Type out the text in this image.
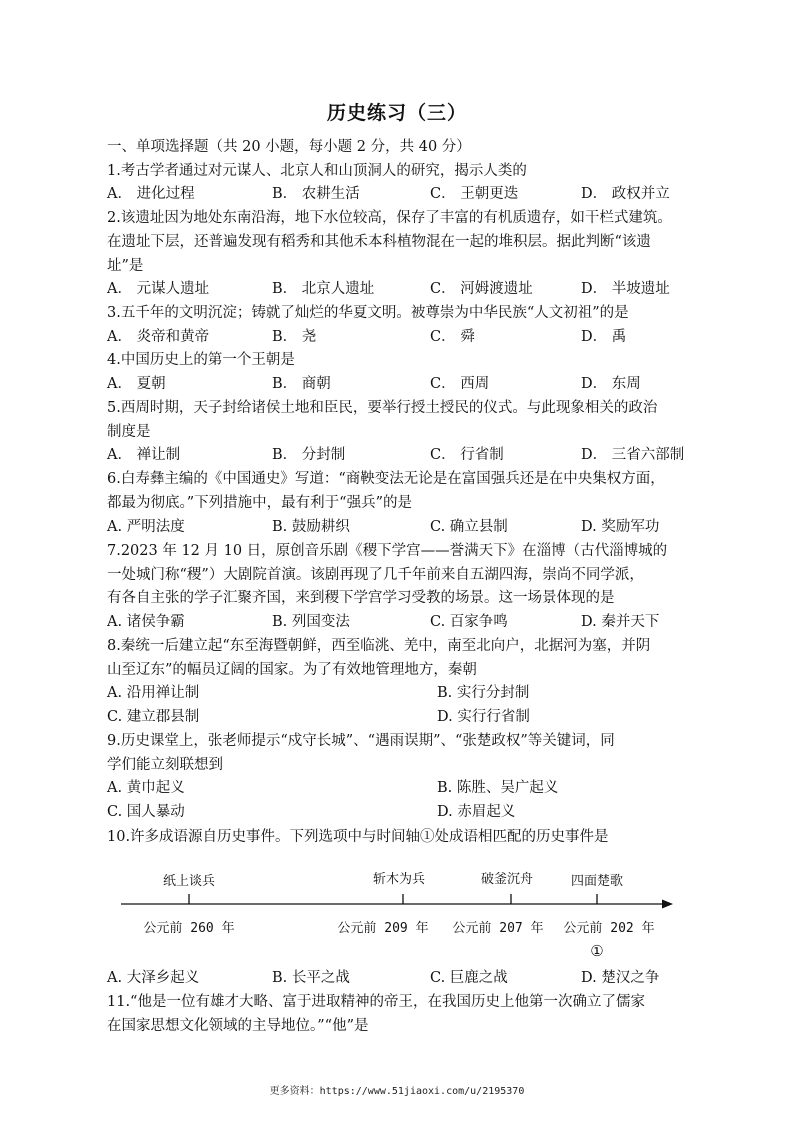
历史练习（三）
一、单项选择题（共 20 小题，每小题 2 分，共 40 分）
1.考古学者通过对元谋人、北京人和山顶洞人的研究，揭示人类的
A． 进化过程	B． 农耕生活	C． 王朝更迭	D． 政权并立
2.该遗址因为地处东南沿海，地下水位较高，保存了丰富的有机质遗存，如干栏式建筑。
在遗址下层，还普遍发现有稻秀和其他禾本科植物混在一起的堆积层。据此判断“该遗
址”是
A． 元谋人遗址	B． 北京人遗址	C． 河姆渡遗址	D． 半坡遗址
3.五千年的文明沉淀；铸就了灿烂的华夏文明。被尊崇为中华民族“人文初祖”的是
A． 炎帝和黄帝	B． 尧	C． 舜	D． 禹
4.中国历史上的第一个王朝是
A． 夏朝	B． 商朝	C． 西周	D． 东周
5.西周时期，天子封给诸侯土地和臣民，要举行授土授民的仪式。与此现象相关的政治
制度是
A． 禅让制	B． 分封制	C． 行省制	D． 三省六部制
6.白寿彝主编的《中国通史》写道：“商鞅变法无论是在富国强兵还是在中央集权方面，
都最为彻底。”下列措施中，最有利于“强兵”的是
A. 严明法度	B. 鼓励耕织	C. 确立县制	D. 奖励军功
7.2023 年 12 月 10 日，原创音乐剧《稷下学宫——誉满天下》在淄博（古代淄博城的
一处城门称“稷”）大剧院首演。该剧再现了几千年前来自五湖四海，崇尚不同学派，
有各自主张的学子汇聚齐国，来到稷下学宫学习受教的场景。这一场景体现的是
A. 诸侯争霸	B. 列国变法	C. 百家争鸣	D. 秦并天下
8.秦统一后建立起“东至海暨朝鲜，西至临洮、羌中，南至北向户，北据河为塞，并阴
山至辽东”的幅员辽阔的国家。为了有效地管理地方，秦朝
A. 沿用禅让制	B. 实行分封制
C. 建立郡县制	D. 实行行省制
9.历史课堂上，张老师提示“戍守长城”、“遇雨误期”、“张楚政权”等关键词，同
学们能立刻联想到
A. 黄巾起义	B. 陈胜、吴广起义
C. 国人暴动	D. 赤眉起义
10.许多成语源自历史事件。下列选项中与时间轴①处成语相匹配的历史事件是
纸上谈兵	斩木为兵	破釜沉舟	四面楚歌
公元前 260 年	公元前 209 年 公元前 207 年 公元前 202 年
①
A. 大泽乡起义	B. 长平之战	C. 巨鹿之战	D. 楚汉之争
11.“他是一位有雄才大略、富于进取精神的帝王，在我国历史上他第一次确立了儒家
在国家思想文化领域的主导地位。”“他”是
更多资料：https://www.51jiaoxi.com/u/2195370
